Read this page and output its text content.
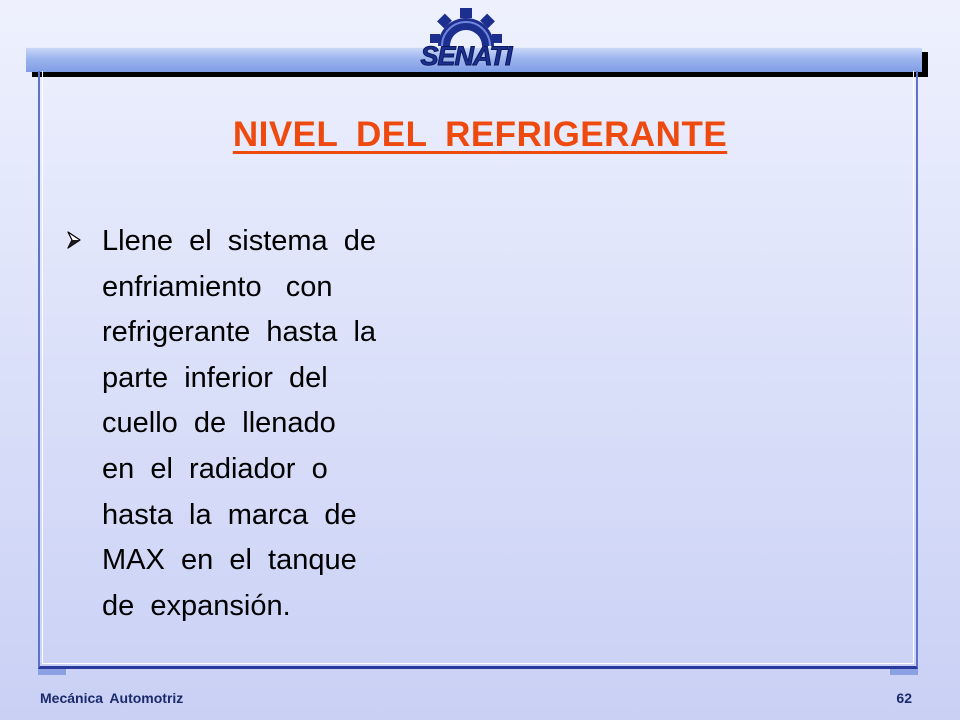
SENATI
NIVEL DEL REFRIGERANTE
Llene  el  sistema  de
enfriamiento   con
refrigerante  hasta  la
parte  inferior  del
cuello  de  llenado
en  el  radiador  o
hasta  la  marca  de
MAX  en  el  tanque
de  expansión.
Mecánica Automotriz	62
